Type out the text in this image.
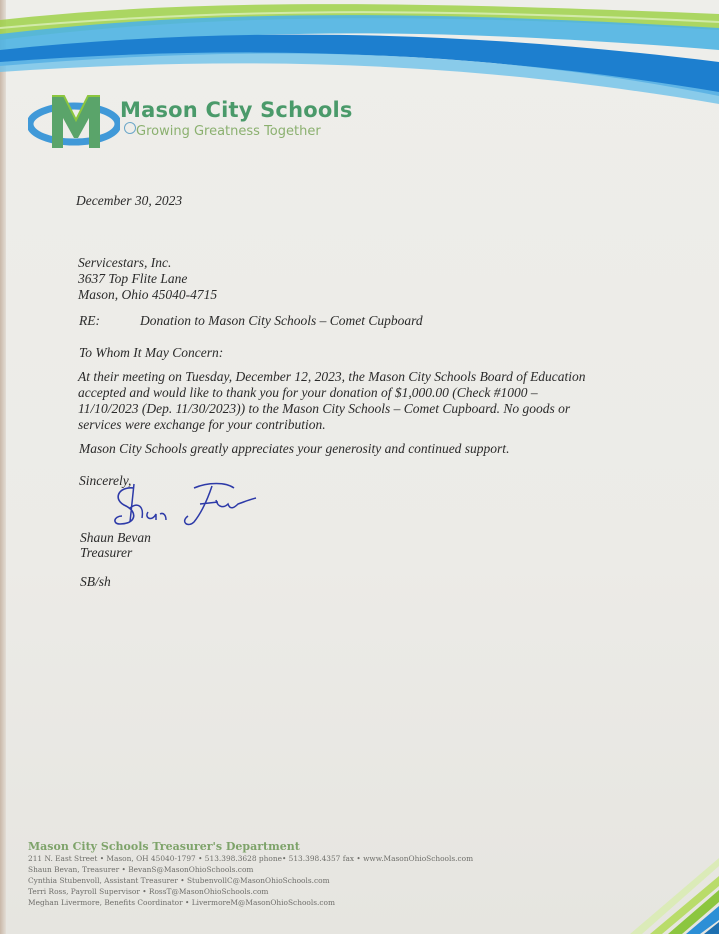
Mason City Schools
Growing Greatness Together

December 30, 2023

Servicestars, Inc.
3637 Top Flite Lane
Mason, Ohio 45040-4715
RE:	Donation to Mason City Schools – Comet Cupboard

To Whom It May Concern:

At their meeting on Tuesday, December 12, 2023, the Mason City Schools Board of Education
accepted and would like to thank you for your donation of $1,000.00 (Check #1000 –
11/10/2023 (Dep. 11/30/2023)) to the Mason City Schools – Comet Cupboard. No goods or
services were exchange for your contribution.

Mason City Schools greatly appreciates your generosity and continued support.

Sincerely,

Shaun Bevan

Treasurer

SB/sh

Mason City Schools Treasurer's Department

211 N. East Street • Mason, OH 45040-1797 • 513.398.3628 phone• 513.398.4357 fax • www.MasonOhioSchools.com

Shaun Bevan, Treasurer • BevanS@MasonOhioSchools.com

Cynthia Stubenvoll, Assistant Treasurer • StubenvollC@MasonOhioSchools.com

Terri Ross, Payroll Supervisor • RossT@MasonOhioSchools.com

Meghan Livermore, Benefits Coordinator • LivermoreM@MasonOhioSchools.com
